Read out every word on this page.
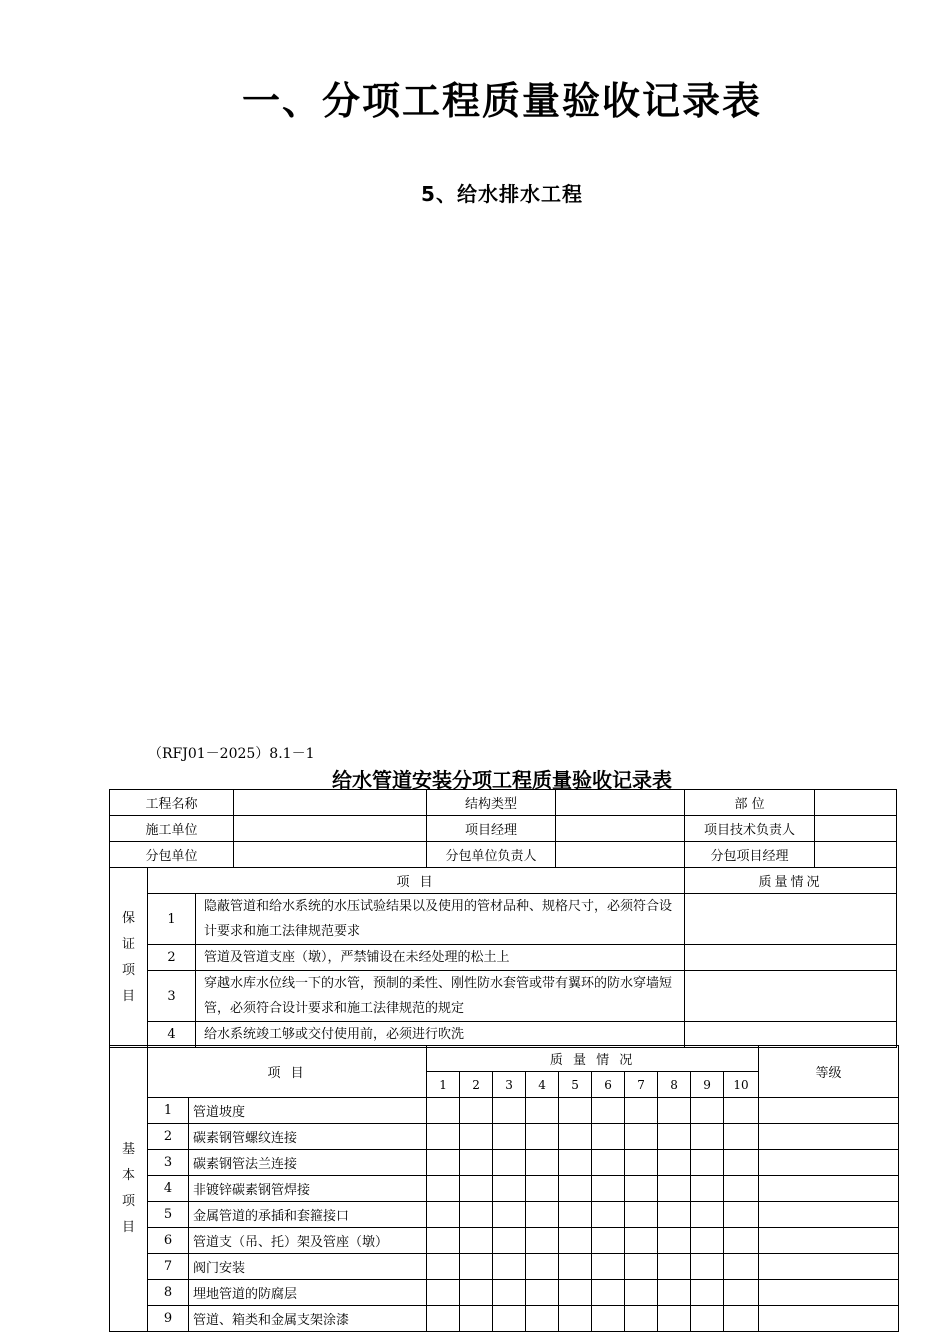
一、分项工程质量验收记录表
5、给水排水工程
（RFJ01－2025）8.1－1
给水管道安装分项工程质量验收记录表
工程名称				结构类型		部 位	
施工单位				项目经理		项目技术负责人	
分包单位				分包单位负责人		分包项目经理	

保
证
项
目	项 目					质量情况	
	1	隐蔽管道和给水系统的水压试验结果以及使用的管材品种、规格尺寸，必须符合设计要求和施工法律规范要求					
	2	管道及管道支座（墩），严禁铺设在未经处理的松土上					
	3	穿越水库水位线一下的水管，预制的柔性、刚性防水套管或带有翼环的防水穿墙短管，必须符合设计要求和施工法律规范的规定					
	4	给水系统竣工够或交付使用前，必须进行吹洗					
基
本
项
目	项 目		质 量 情 况										等级
			1	2	3	4	5	6	7	8	9	10	
	1	管道坡度											
	2	碳素钢管螺纹连接											
	3	碳素钢管法兰连接											
	4	非镀锌碳素钢管焊接											
	5	金属管道的承插和套箍接口											
	6	管道支（吊、托）架及管座（墩）											
	7	阀门安装											
	8	埋地管道的防腐层											
	9	管道、箱类和金属支架涂漆											
